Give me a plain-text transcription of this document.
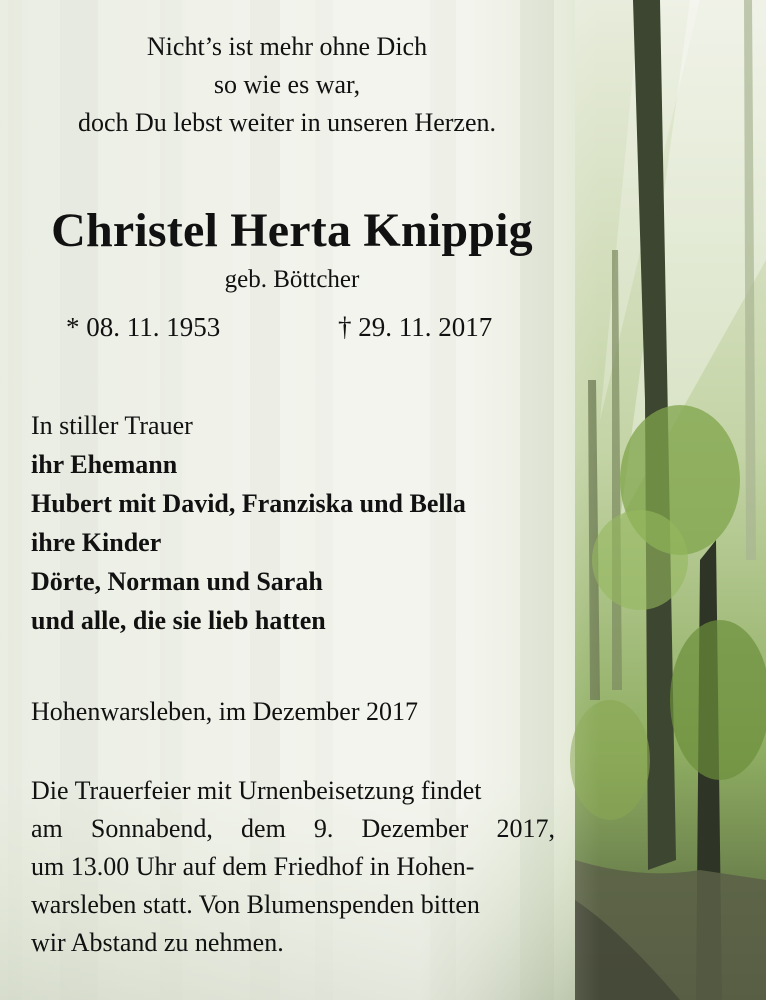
Nicht’s ist mehr ohne Dich
so wie es war,
doch Du lebst weiter in unseren Herzen.
Christel Herta Knippig
geb. Böttcher
* 08. 11. 1953	† 29. 11. 2017
In stiller Trauer
ihr Ehemann
Hubert mit David, Franziska und Bella
ihre Kinder
Dörte, Norman und Sarah
und alle, die sie lieb hatten
Hohenwarsleben, im Dezember 2017
Die Trauerfeier mit Urnenbeisetzung findet
am Sonnabend, dem 9. Dezember 2017,
um 13.00 Uhr auf dem Friedhof in Hohen-
warsleben statt. Von Blumenspenden bitten
wir Abstand zu nehmen.
